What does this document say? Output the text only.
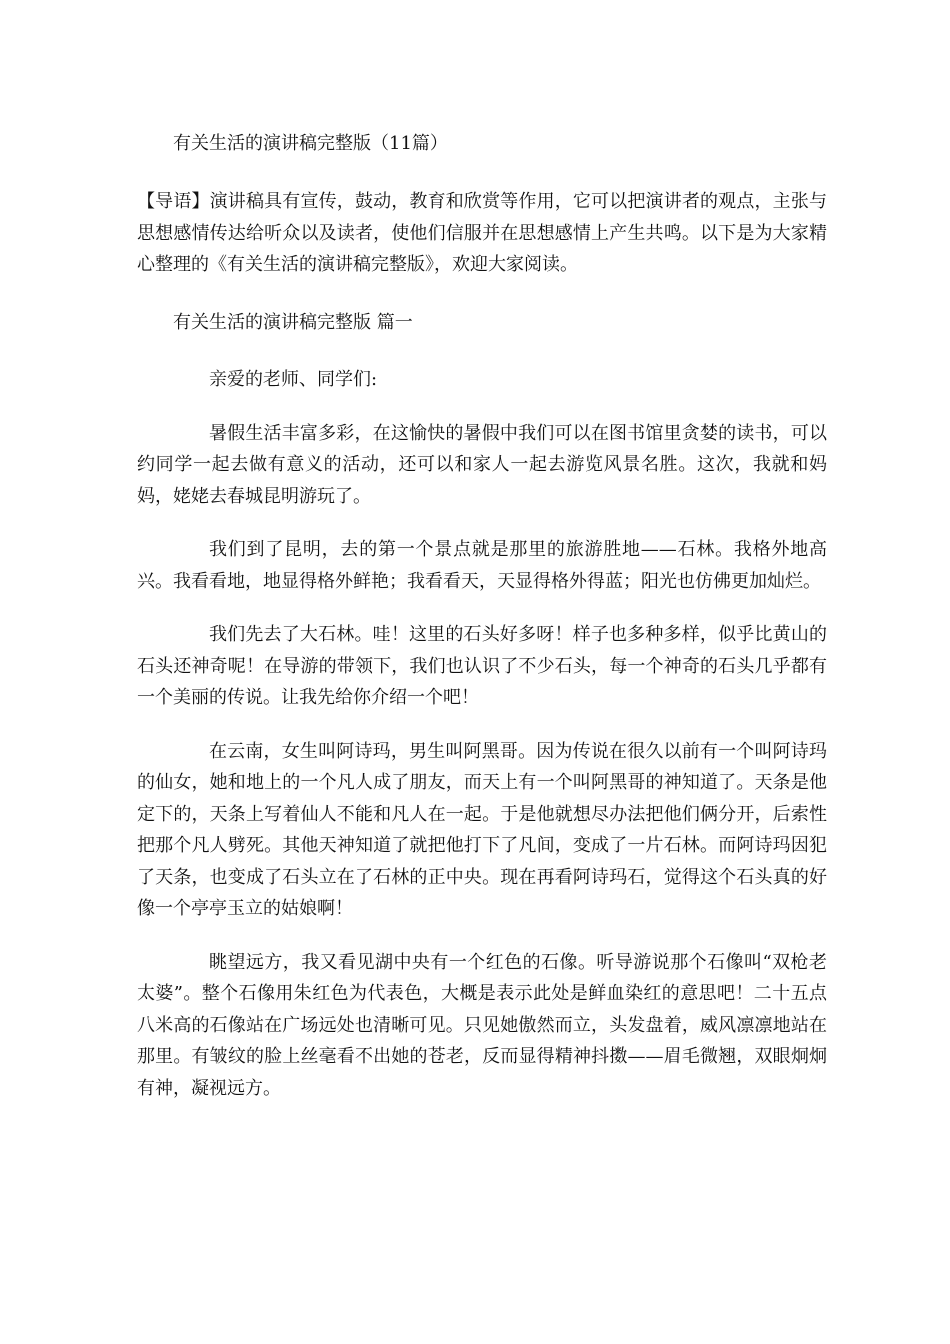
有关生活的演讲稿完整版（11篇）

【导语】演讲稿具有宣传，鼓动，教育和欣赏等作用，它可以把演讲者的观点，主张与思想感情传达给听众以及读者，使他们信服并在思想感情上产生共鸣。以下是为大家精心整理的《有关生活的演讲稿完整版》，欢迎大家阅读。

有关生活的演讲稿完整版 篇一

亲爱的老师、同学们:

暑假生活丰富多彩，在这愉快的暑假中我们可以在图书馆里贪婪的读书，可以约同学一起去做有意义的活动，还可以和家人一起去游览风景名胜。这次，我就和妈妈，姥姥去春城昆明游玩了。

我们到了昆明，去的第一个景点就是那里的旅游胜地——石林。我格外地高兴。我看看地，地显得格外鲜艳；我看看天，天显得格外得蓝；阳光也仿佛更加灿烂。

我们先去了大石林。哇！这里的石头好多呀！样子也多种多样，似乎比黄山的石头还神奇呢！在导游的带领下，我们也认识了不少石头，每一个神奇的石头几乎都有一个美丽的传说。让我先给你介绍一个吧！

在云南，女生叫阿诗玛，男生叫阿黑哥。因为传说在很久以前有一个叫阿诗玛的仙女，她和地上的一个凡人成了朋友，而天上有一个叫阿黑哥的神知道了。天条是他定下的，天条上写着仙人不能和凡人在一起。于是他就想尽办法把他们俩分开，后索性把那个凡人劈死。其他天神知道了就把他打下了凡间，变成了一片石林。而阿诗玛因犯了天条，也变成了石头立在了石林的正中央。现在再看阿诗玛石，觉得这个石头真的好像一个亭亭玉立的姑娘啊！

眺望远方，我又看见湖中央有一个红色的石像。听导游说那个石像叫“双枪老太婆”。整个石像用朱红色为代表色，大概是表示此处是鲜血染红的意思吧！二十五点八米高的石像站在广场远处也清晰可见。只见她傲然而立，头发盘着，威风凛凛地站在那里。有皱纹的脸上丝毫看不出她的苍老，反而显得精神抖擞——眉毛微翘，双眼炯炯有神，凝视远方。
